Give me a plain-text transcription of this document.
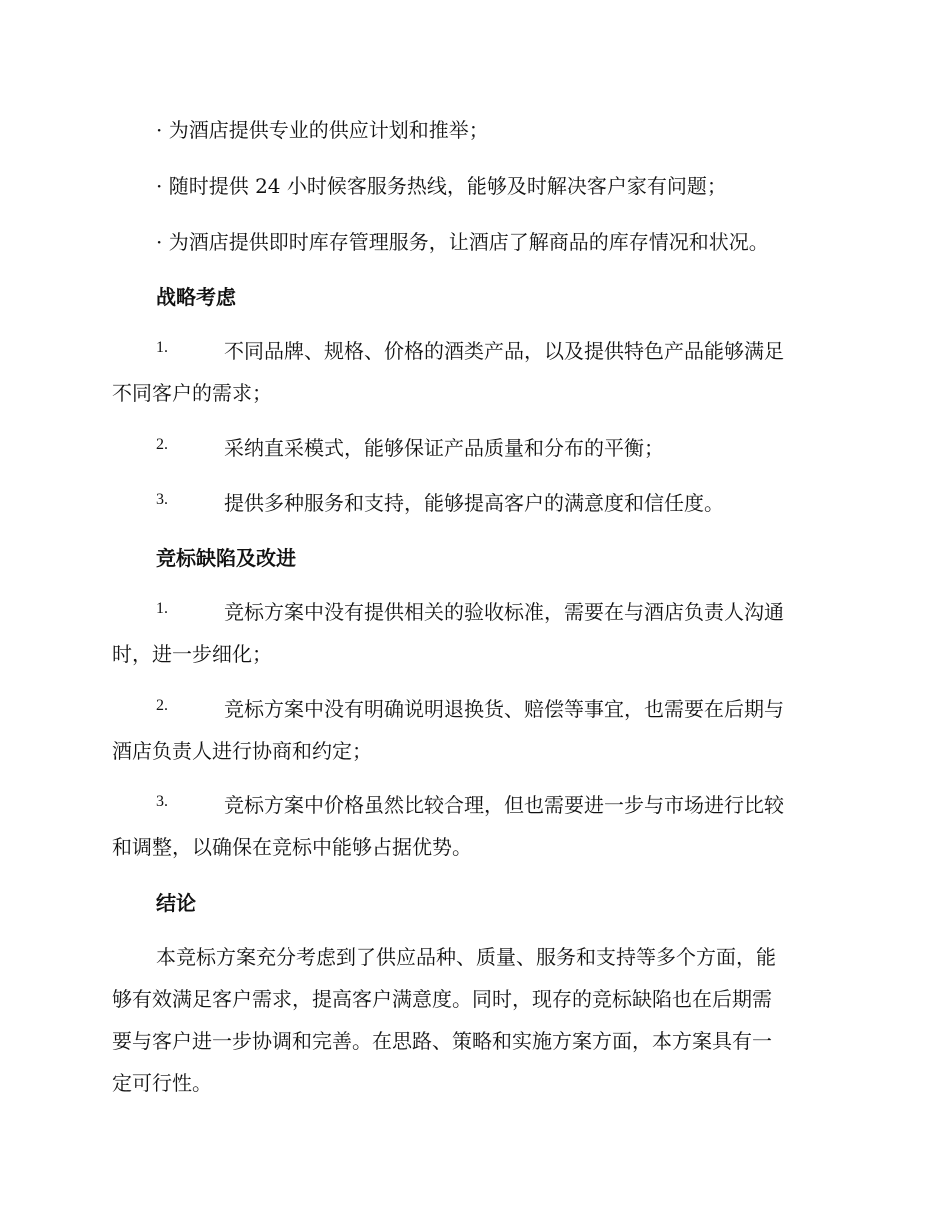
· 为酒店提供专业的供应计划和推举；
· 随时提供 24 小时候客服务热线，能够及时解决客户家有问题；
· 为酒店提供即时库存管理服务，让酒店了解商品的库存情况和状况。
战略考虑
1.	不同品牌、规格、价格的酒类产品，以及提供特色产品能够满足
不同客户的需求；
2.	采纳直采模式，能够保证产品质量和分布的平衡；
3.	提供多种服务和支持，能够提高客户的满意度和信任度。
竞标缺陷及改进
1.	竞标方案中没有提供相关的验收标准，需要在与酒店负责人沟通
时，进一步细化；
2.	竞标方案中没有明确说明退换货、赔偿等事宜，也需要在后期与
酒店负责人进行协商和约定；
3.	竞标方案中价格虽然比较合理，但也需要进一步与市场进行比较
和调整，以确保在竞标中能够占据优势。
结论
本竞标方案充分考虑到了供应品种、质量、服务和支持等多个方面，能
够有效满足客户需求，提高客户满意度。同时，现存的竞标缺陷也在后期需
要与客户进一步协调和完善。在思路、策略和实施方案方面，本方案具有一
定可行性。
